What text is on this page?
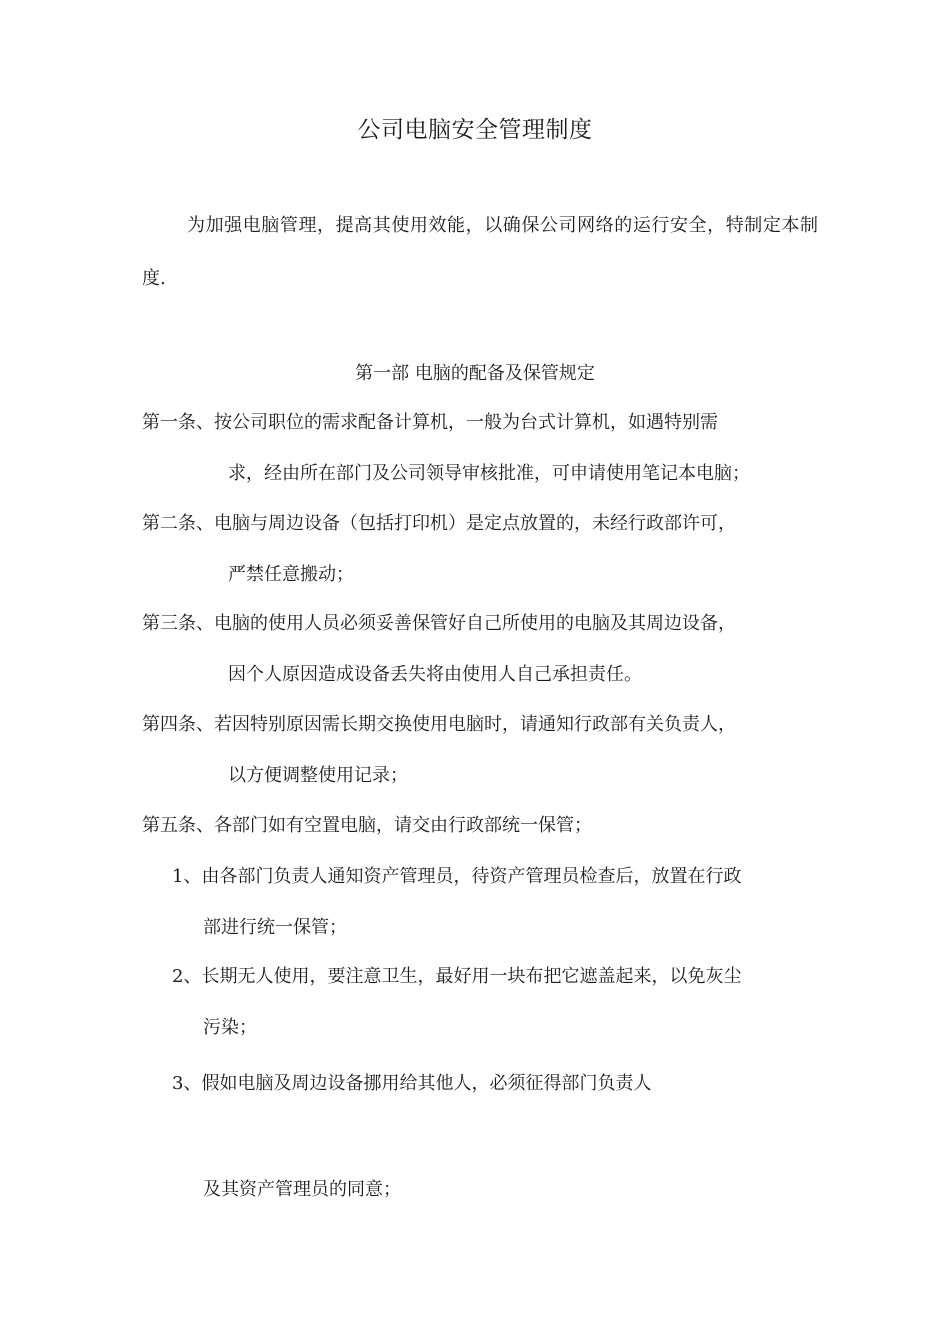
公司电脑安全管理制度

为加强电脑管理，提高其使用效能，以确保公司网络的运行安全，特制定本制度.

第一部 电脑的配备及保管规定

第一条、按公司职位的需求配备计算机，一般为台式计算机，如遇特别需
求，经由所在部门及公司领导审核批准，可申请使用笔记本电脑；

第二条、电脑与周边设备（包括打印机）是定点放置的，未经行政部许可，
严禁任意搬动；

第三条、电脑的使用人员必须妥善保管好自己所使用的电脑及其周边设备，
因个人原因造成设备丢失将由使用人自己承担责任。

第四条、若因特别原因需长期交换使用电脑时，请通知行政部有关负责人，
以方便调整使用记录；

第五条、各部门如有空置电脑，请交由行政部统一保管；

1、由各部门负责人通知资产管理员，待资产管理员检查后，放置在行政
部进行统一保管；

2、长期无人使用，要注意卫生，最好用一块布把它遮盖起来，以免灰尘
污染；

3、假如电脑及周边设备挪用给其他人，必须征得部门负责人

及其资产管理员的同意；
